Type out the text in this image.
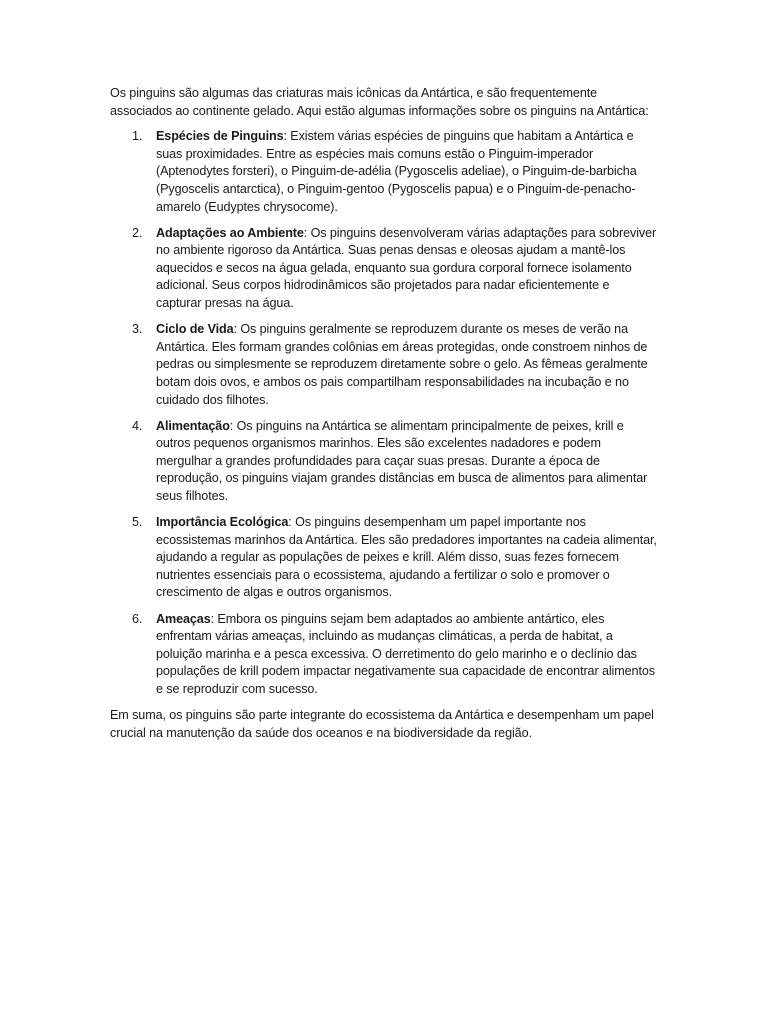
Os pinguins são algumas das criaturas mais icônicas da Antártica, e são frequentemente associados ao continente gelado. Aqui estão algumas informações sobre os pinguins na Antártica:

1. Espécies de Pinguins: Existem várias espécies de pinguins que habitam a Antártica e suas proximidades. Entre as espécies mais comuns estão o Pinguim-imperador (Aptenodytes forsteri), o Pinguim-de-adélia (Pygoscelis adeliae), o Pinguim-de-barbicha (Pygoscelis antarctica), o Pinguim-gentoo (Pygoscelis papua) e o Pinguim-de-penacho-amarelo (Eudyptes chrysocome).
2. Adaptações ao Ambiente: Os pinguins desenvolveram várias adaptações para sobreviver no ambiente rigoroso da Antártica. Suas penas densas e oleosas ajudam a mantê-los aquecidos e secos na água gelada, enquanto sua gordura corporal fornece isolamento adicional. Seus corpos hidrodinâmicos são projetados para nadar eficientemente e capturar presas na água.
3. Ciclo de Vida: Os pinguins geralmente se reproduzem durante os meses de verão na Antártica. Eles formam grandes colônias em áreas protegidas, onde constroem ninhos de pedras ou simplesmente se reproduzem diretamente sobre o gelo. As fêmeas geralmente botam dois ovos, e ambos os pais compartilham responsabilidades na incubação e no cuidado dos filhotes.
4. Alimentação: Os pinguins na Antártica se alimentam principalmente de peixes, krill e outros pequenos organismos marinhos. Eles são excelentes nadadores e podem mergulhar a grandes profundidades para caçar suas presas. Durante a época de reprodução, os pinguins viajam grandes distâncias em busca de alimentos para alimentar seus filhotes.
5. Importância Ecológica: Os pinguins desempenham um papel importante nos ecossistemas marinhos da Antártica. Eles são predadores importantes na cadeia alimentar, ajudando a regular as populações de peixes e krill. Além disso, suas fezes fornecem nutrientes essenciais para o ecossistema, ajudando a fertilizar o solo e promover o crescimento de algas e outros organismos.
6. Ameaças: Embora os pinguins sejam bem adaptados ao ambiente antártico, eles enfrentam várias ameaças, incluindo as mudanças climáticas, a perda de habitat, a poluição marinha e a pesca excessiva. O derretimento do gelo marinho e o declínio das populações de krill podem impactar negativamente sua capacidade de encontrar alimentos e se reproduzir com sucesso.

Em suma, os pinguins são parte integrante do ecossistema da Antártica e desempenham um papel crucial na manutenção da saúde dos oceanos e na biodiversidade da região.
